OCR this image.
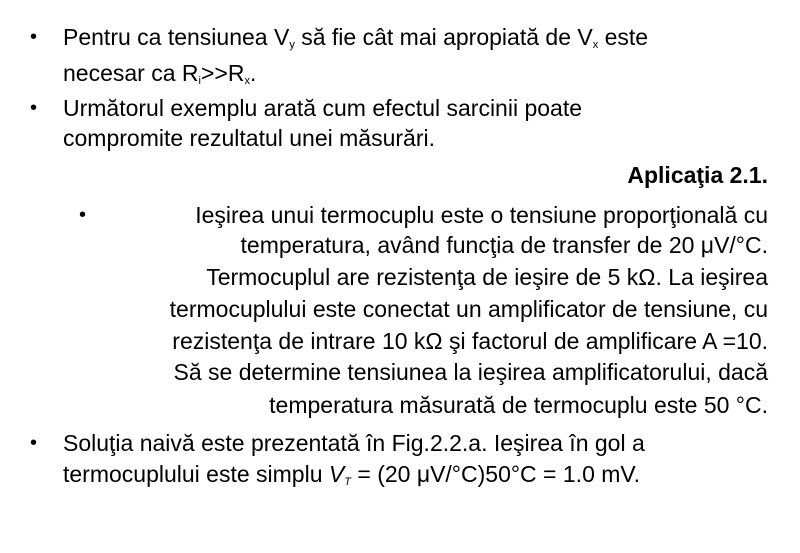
• Pentru ca tensiunea $V_y$ să fie cât mai apropiată de $V_x$ este
necesar ca $R_i>>R_x$.
• Următorul exemplu arată cum efectul sarcinii poate
compromite rezultatul unei măsurări.
Aplicaţia 2.1.
•	Ieşirea unui termocuplu este o tensiune proporţională cu
temperatura, având funcţia de transfer de 20 μV/°C.
Termocuplul are rezistenţa de ieşire de 5 kΩ. La ieşirea
termocuplului este conectat un amplificator de tensiune, cu
rezistenţa de intrare 10 kΩ şi factorul de amplificare A =10.
Să se determine tensiunea la ieşirea amplificatorului, dacă
temperatura măsurată de termocuplu este 50 °C.
• Soluţia naivă este prezentată în Fig.2.2.a. Ieşirea în gol a
termocuplului este simplu $V_T = (20$ μV/°C)50°C = 1.0 mV.
